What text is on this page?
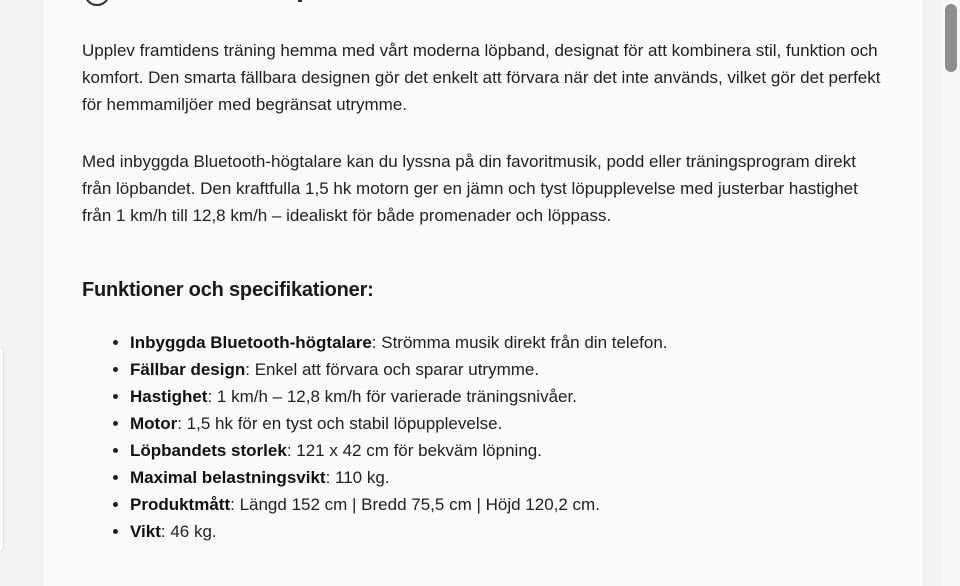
Upplev framtidens träning hemma med vårt moderna löpband, designat för att kombinera stil, funktion och komfort. Den smarta fällbara designen gör det enkelt att förvara när det inte används, vilket gör det perfekt för hemmamiljöer med begränsat utrymme.

Med inbyggda Bluetooth-högtalare kan du lyssna på din favoritmusik, podd eller träningsprogram direkt från löpbandet. Den kraftfulla 1,5 hk motorn ger en jämn och tyst löpupplevelse med justerbar hastighet från 1 km/h till 12,8 km/h – idealiskt för både promenader och löppass.

Funktioner och specifikationer:
• Inbyggda Bluetooth-högtalare: Strömma musik direkt från din telefon.
• Fällbar design: Enkel att förvara och sparar utrymme.
• Hastighet: 1 km/h – 12,8 km/h för varierade träningsnivåer.
• Motor: 1,5 hk för en tyst och stabil löpupplevelse.
• Löpbandets storlek: 121 x 42 cm för bekväm löpning.
• Maximal belastningsvikt: 110 kg.
• Produktmått: Längd 152 cm | Bredd 75,5 cm | Höjd 120,2 cm.
• Vikt: 46 kg.
